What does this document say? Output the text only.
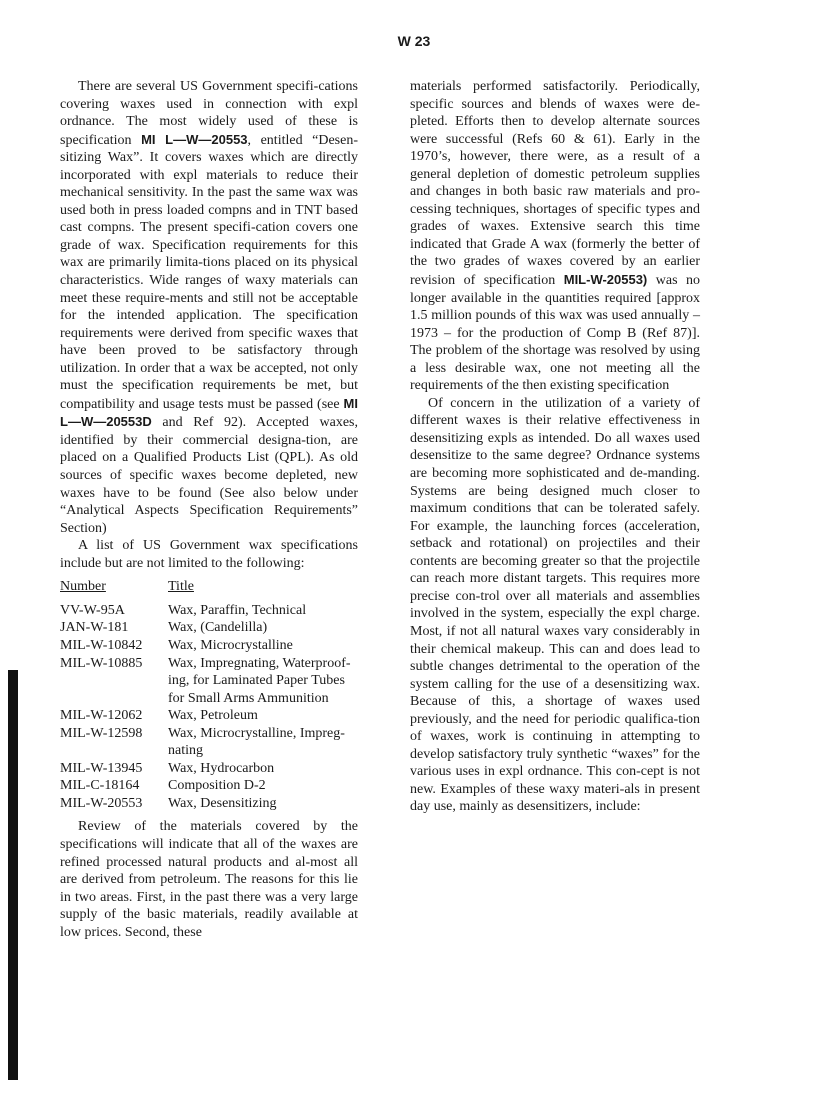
W 23

There are several US Government specifi-cations covering waxes used in connection with expl ordnance. The most widely used of these is specification MI L—W—20553, entitled “Desen-sitizing Wax”. It covers waxes which are directly incorporated with expl materials to reduce their mechanical sensitivity. In the past the same wax was used both in press loaded compns and in TNT based cast compns. The present specifi-cation covers one grade of wax. Specification requirements for this wax are primarily limita-tions placed on its physical characteristics. Wide ranges of waxy materials can meet these require-ments and still not be acceptable for the intended application. The specification requirements were derived from specific waxes that have been proved to be satisfactory through utilization. In order that a wax be accepted, not only must the specification requirements be met, but compatibility and usage tests must be passed (see MI L—W—20553D and Ref 92). Accepted waxes, identified by their commercial designa-tion, are placed on a Qualified Products List (QPL). As old sources of specific waxes become depleted, new waxes have to be found (See also below under “Analytical Aspects Specification Requirements” Section)

A list of US Government wax specifications include but are not limited to the following:

Number	Title
VV-W-95A	Wax, Paraffin, Technical
JAN-W-181	Wax, (Candelilla)
MIL-W-10842	Wax, Microcrystalline
MIL-W-10885	Wax, Impregnating, Waterproof-ing, for Laminated Paper Tubes for Small Arms Ammunition
MIL-W-12062	Wax, Petroleum
MIL-W-12598	Wax, Microcrystalline, Impreg-nating
MIL-W-13945	Wax, Hydrocarbon
MIL-C-18164	Composition D-2
MIL-W-20553	Wax, Desensitizing

Review of the materials covered by the specifications will indicate that all of the waxes are refined processed natural products and al-most all are derived from petroleum. The reasons for this lie in two areas. First, in the past there was a very large supply of the basic materials, readily available at low prices. Second, these

materials performed satisfactorily. Periodically, specific sources and blends of waxes were de-pleted. Efforts then to develop alternate sources were successful (Refs 60 & 61). Early in the 1970’s, however, there were, as a result of a general depletion of domestic petroleum supplies and changes in both basic raw materials and pro-cessing techniques, shortages of specific types and grades of waxes. Extensive search this time indicated that Grade A wax (formerly the better of the two grades of waxes covered by an earlier revision of specification MIL-W-20553) was no longer available in the quantities required [approx 1.5 million pounds of this wax was used annually – 1973 – for the production of Comp B (Ref 87)]. The problem of the shortage was resolved by using a less desirable wax, one not meeting all the requirements of the then existing specification

Of concern in the utilization of a variety of different waxes is their relative effectiveness in desensitizing expls as intended. Do all waxes used desensitize to the same degree? Ordnance systems are becoming more sophisticated and de-manding. Systems are being designed much closer to maximum conditions that can be tolerated safely. For example, the launching forces (acceleration, setback and rotational) on projectiles and their contents are becoming greater so that the projectile can reach more distant targets. This requires more precise con-trol over all materials and assemblies involved in the system, especially the expl charge. Most, if not all natural waxes vary considerably in their chemical makeup. This can and does lead to subtle changes detrimental to the operation of the system calling for the use of a desensitizing wax. Because of this, a shortage of waxes used previously, and the need for periodic qualifica-tion of waxes, work is continuing in attempting to develop satisfactory truly synthetic “waxes” for the various uses in expl ordnance. This con-cept is not new. Examples of these waxy materi-als in present day use, mainly as desensitizers, include:
